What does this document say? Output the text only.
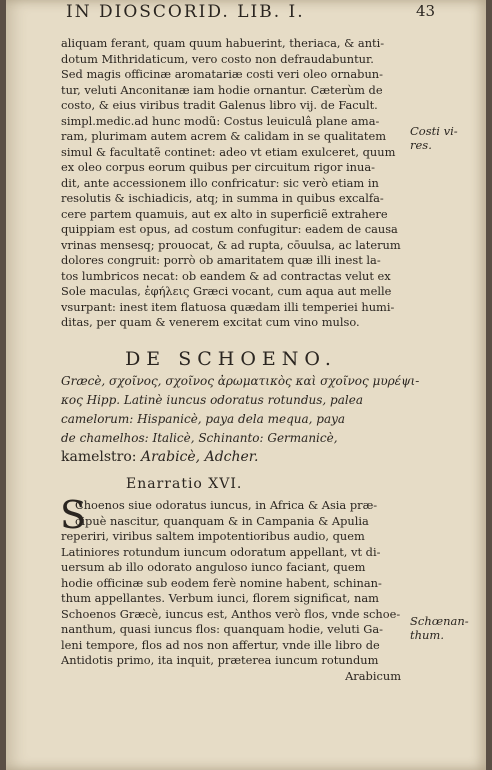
IN DIOSCORID. LIB. I.	43
aliquam ferant, quam quum habuerint, theriaca, & anti-
dotum Mithridaticum, vero costo non defraudabuntur.
Sed magis officinæ aromatariæ costi veri oleo ornabun-
tur, veluti Anconitanæ iam hodie ornantur. Cæterùm de
costo, & eius viribus tradit Galenus libro vij. de Facult.
simpl.medic.ad hunc modũ: Costus leuiculâ plane ama-
ram, plurimam autem acrem & calidam in se qualitatem
simul & facultatẽ continet: adeo vt etiam exulceret, quum
ex oleo corpus eorum quibus per circuitum rigor inua-
dit, ante accessionem illo confricatur: sic verò etiam in
resolutis & ischiadicis, atq; in summa in quibus excalfa-
cere partem quamuis, aut ex alto in superficiẽ extrahere
quippiam est opus, ad costum confugitur: eadem de causa
vrinas mensesq; prouocat, & ad rupta, cōuulsa, ac laterum
dolores congruit: porrò ob amaritatem quæ illi inest la-
tos lumbricos necat: ob eandem & ad contractas velut ex
Sole maculas, ἐφήλεις Græci vocant, cum aqua aut melle
vsurpant: inest item flatuosa quædam illi temperiei humi-
ditas, per quam & venerem excitat cum vino mulso.
Costi vi-
res.
DE SCHOENO.
Græcè, σχοῖνος, σχοῖνος ἀρωματικὸς καὶ σχοῖνος μυρέψι-
κος Hipp. Latinè iuncus odoratus rotundus, palea
camelorum: Hispanicè, paya dela mequa, paya
de chamelhos: Italicè, Schinanto: Germanicè,
kamelstro: Arabicè, Adcher.
Enarratio XVI.
S
Choenos siue odoratus iuncus, in Africa & Asia præ-
cipuè nascitur, quanquam & in Campania & Apulia
reperiri, viribus saltem impotentioribus audio, quem
Latiniores rotundum iuncum odoratum appellant, vt di-
uersum ab illo odorato angulosо iunco faciant, quem
hodie officinæ sub eodem ferè nomine habent, schinan-
thum appellantes. Verbum iunci, florem significat, nam
Schoenos Græcè, iuncus est, Anthos verò flos, vnde schoe-
nanthum, quasi iuncus flos: quanquam hodie, veluti Ga-
leni tempore, flos ad nos non affertur, vnde ille libro de
Antidotis primo, ita inquit, præterea iuncum rotundum
Arabicum
Schœnan-
thum.
